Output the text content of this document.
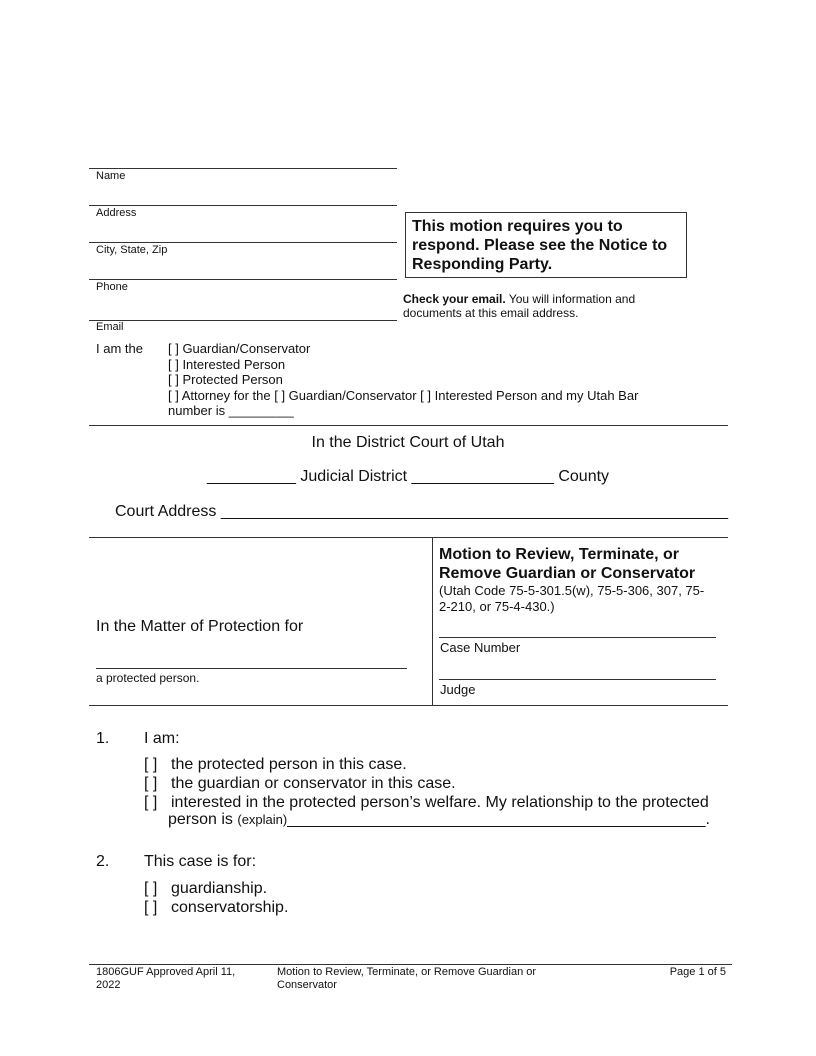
Name
Address
City, State, Zip
Phone
Email
This motion requires you to respond. Please see the Notice to Responding Party.
Check your email. You will information and documents at this email address.
I am the [ ] Guardian/Conservator
[ ] Interested Person
[ ] Protected Person
[ ] Attorney for the [ ] Guardian/Conservator [ ] Interested Person and my Utah Bar
number is _________
In the District Court of Utah
__________ Judicial District ________________ County
Court Address _________________________________________________________
In the Matter of Protection for
a protected person.
Motion to Review, Terminate, or
Remove Guardian or Conservator
(Utah Code 75-5-301.5(w), 75-5-306, 307, 75-
2-210, or 75-4-430.)
Case Number
Judge
1. I am:
[ ] the protected person in this case.
[ ] the guardian or conservator in this case.
[ ] interested in the protected person’s welfare. My relationship to the protected
person is (explain)_______________________________________________.
2. This case is for:
[ ] guardianship.
[ ] conservatorship.
1806GUF Approved April 11, 2022
Motion to Review, Terminate, or Remove Guardian or Conservator
Page 1 of 5
